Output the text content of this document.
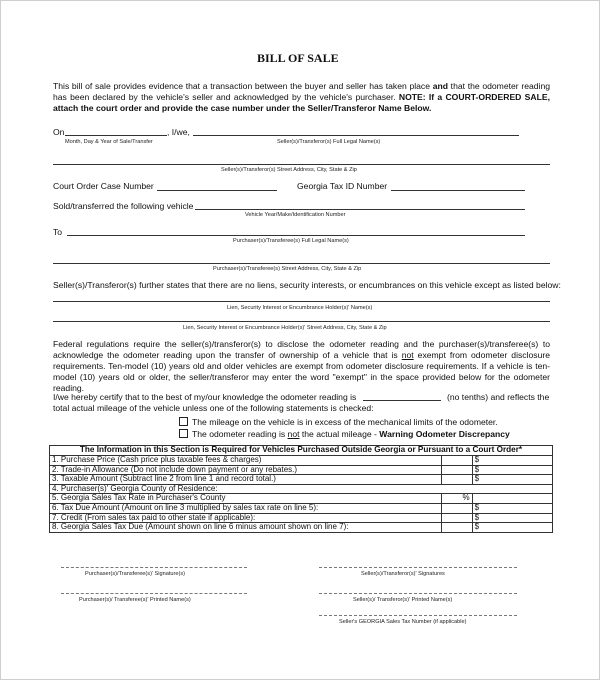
BILL OF SALE
This bill of sale provides evidence that a transaction between the buyer and seller has taken place and that the odometer reading has been declared by the vehicle's seller and acknowledged by the vehicle's purchaser. NOTE: If a COURT-ORDERED SALE, attach the court order and provide the case number under the Seller/Transferor Name Below.
On	, I/we,
Month, Day & Year of Sale/Transfer	Seller(s)/Transferor(s) Full Legal Name(s)
Seller(s)/Transferor(s) Street Address, City, State & Zip
Court Order Case Number	Georgia Tax ID Number
Sold/transferred the following vehicle
Vehicle Year/Make/Identification Number
To
Purchaser(s)/Transferee(s) Full Legal Name(s)
Purchaser(s)/Transferee(s) Street Address, City, State & Zip
Seller(s)/Transferor(s) further states that there are no liens, security interests, or encumbrances on this vehicle except as listed below:
Lien, Security Interest or Encumbrance Holder(s)' Name(s)
Lien, Security Interest or Encumbrance Holder(s)' Street Address, City, State & Zip
Federal regulations require the seller(s)/transferor(s) to disclose the odometer reading and the purchaser(s)/transferee(s) to acknowledge the odometer reading upon the transfer of ownership of a vehicle that is not exempt from odometer disclosure requirements. Ten-model (10) years old and older vehicles are exempt from odometer disclosure requirements. If a vehicle is ten-model (10) years old or older, the seller/transferor may enter the word "exempt" in the space provided below for the odometer reading.
I/we hereby certify that to the best of my/our knowledge the odometer reading is	(no tenths) and reflects the
total actual mileage of the vehicle unless one of the following statements is checked:
The mileage on the vehicle is in excess of the mechanical limits of the odometer.
The odometer reading is not the actual mileage - Warning Odometer Discrepancy
The Information in this Section is Required for Vehicles Purchased Outside Georgia or Pursuant to a Court Order*		
1. Purchase Price (Cash price plus taxable fees & charges)		$
2. Trade-in Allowance (Do not include down payment or any rebates.)		$
3. Taxable Amount (Subtract line 2 from line 1 and record total.)		$
4. Purchaser(s)' Georgia County of Residence:		
5. Georgia Sales Tax Rate in Purchaser's County	%	
6. Tax Due Amount (Amount on line 3 multiplied by sales tax rate on line 5):		$
7. Credit (From sales tax paid to other state if applicable):		$
8. Georgia Sales Tax Due (Amount shown on line 6 minus amount shown on line 7):		$
Purchaser(s)/Transferee(s)' Signature(s)	Seller(s)/Transferor(s)' Signatures
Purchaser(s)/ Transferee(s)' Printed Name(s)	Seller(s)/ Transferor(s)' Printed Name(s)
Seller's GEORGIA Sales Tax Number (if applicable)
